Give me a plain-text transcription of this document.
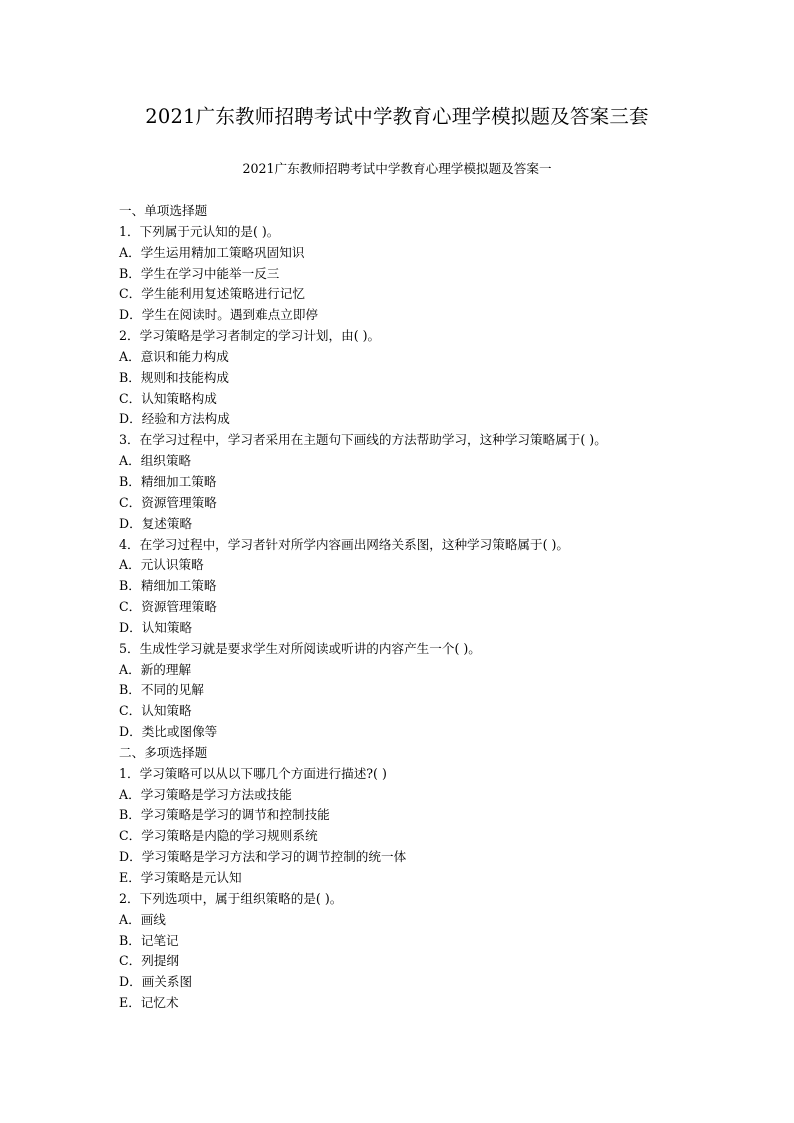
2021广东教师招聘考试中学教育心理学模拟题及答案三套
2021广东教师招聘考试中学教育心理学模拟题及答案一
一、单项选择题
1．下列属于元认知的是( )。
A．学生运用精加工策略巩固知识
B．学生在学习中能举一反三
C．学生能利用复述策略进行记忆
D．学生在阅读时。遇到难点立即停
2．学习策略是学习者制定的学习计划，由( )。
A．意识和能力构成
B．规则和技能构成
C．认知策略构成
D．经验和方法构成
3．在学习过程中，学习者采用在主题句下画线的方法帮助学习，这种学习策略属于( )。
A．组织策略
B．精细加工策略
C．资源管理策略
D．复述策略
4．在学习过程中，学习者针对所学内容画出网络关系图，这种学习策略属于( )。
A．元认识策略
B．精细加工策略
C．资源管理策略
D．认知策略
5．生成性学习就是要求学生对所阅读或听讲的内容产生一个( )。
A．新的理解
B．不同的见解
C．认知策略
D．类比或图像等
二、多项选择题
1．学习策略可以从以下哪几个方面进行描述?( )
A．学习策略是学习方法或技能
B．学习策略是学习的调节和控制技能
C．学习策略是内隐的学习规则系统
D．学习策略是学习方法和学习的调节控制的统一体
E．学习策略是元认知
2．下列选项中，属于组织策略的是( )。
A．画线
B．记笔记
C．列提纲
D．画关系图
E．记忆术
